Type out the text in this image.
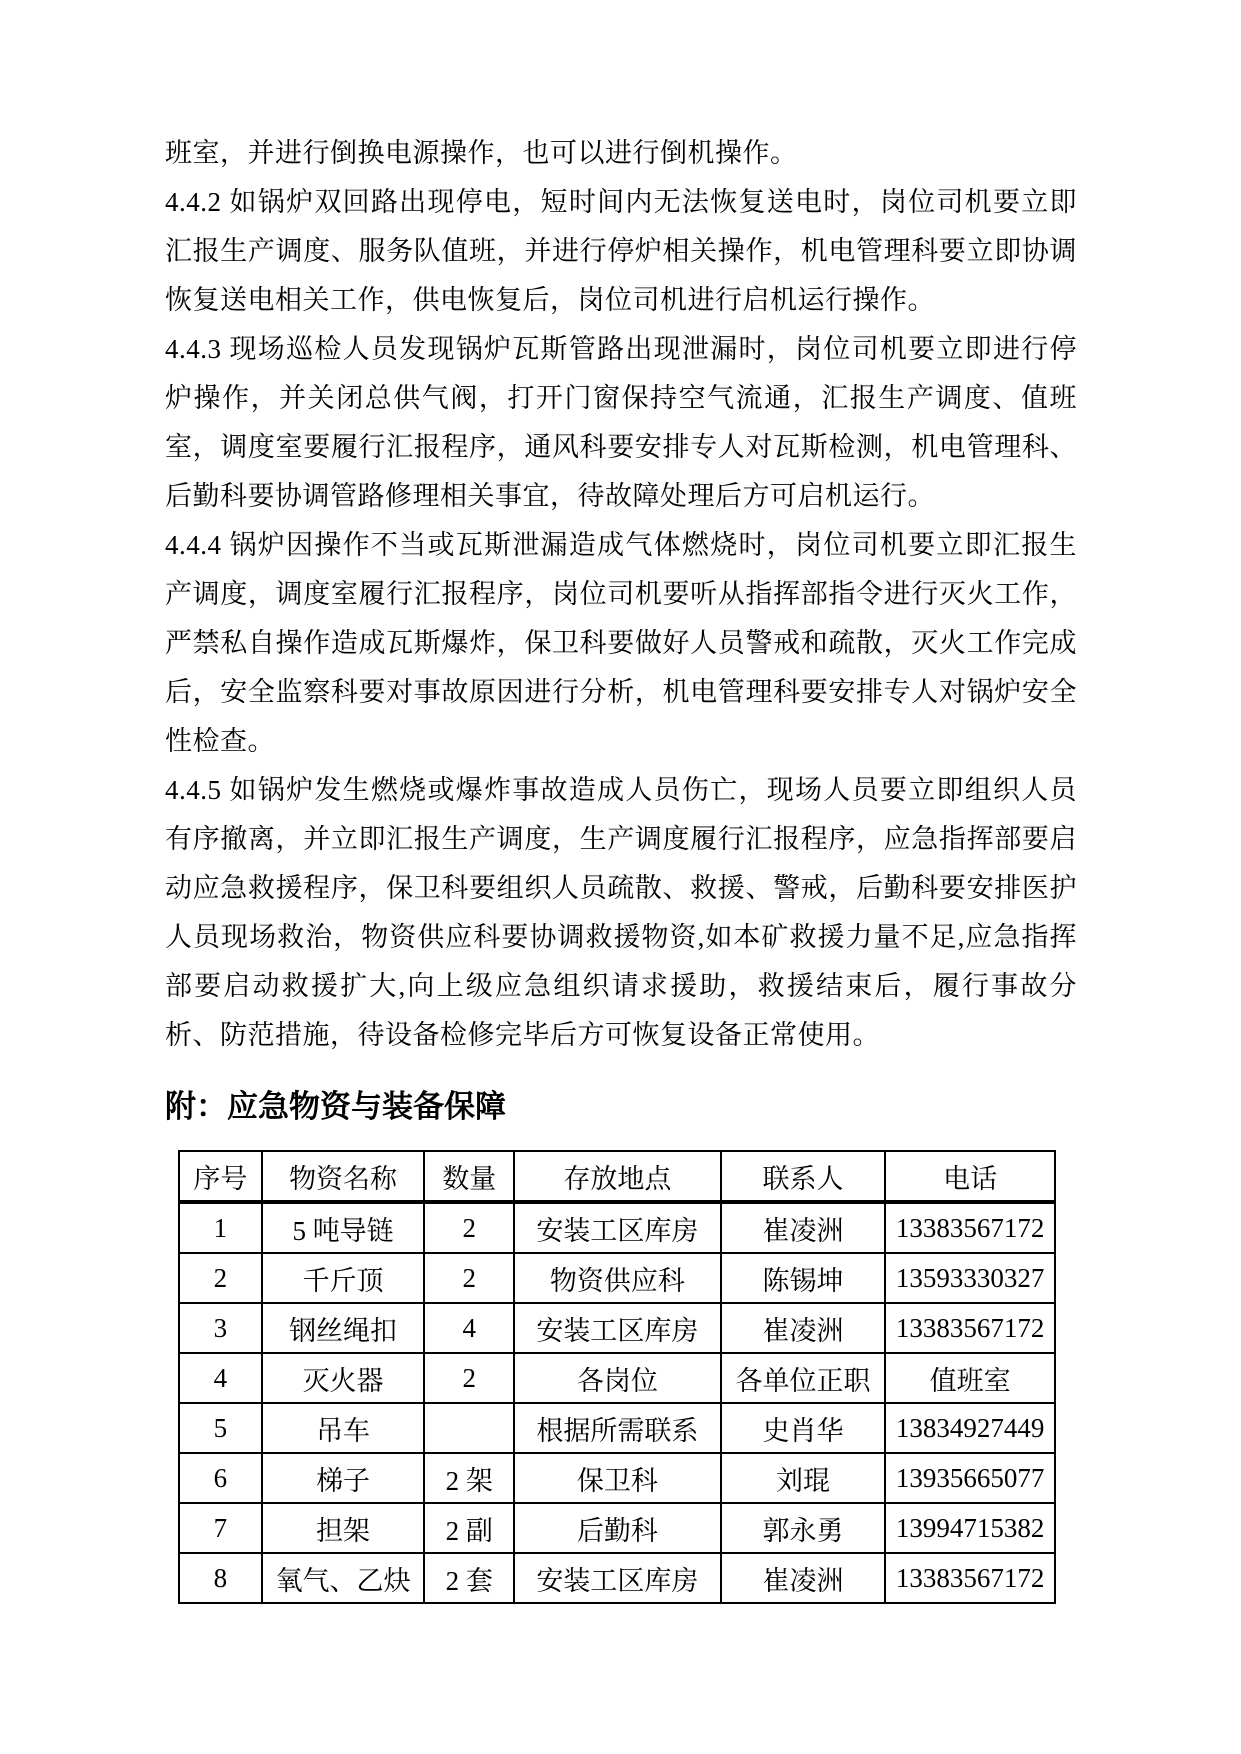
班室，并进行倒换电源操作，也可以进行倒机操作。

4.4.2 如锅炉双回路出现停电，短时间内无法恢复送电时，岗位司机要立即汇报生产调度、服务队值班，并进行停炉相关操作，机电管理科要立即协调恢复送电相关工作，供电恢复后，岗位司机进行启机运行操作。

4.4.3 现场巡检人员发现锅炉瓦斯管路出现泄漏时，岗位司机要立即进行停炉操作，并关闭总供气阀，打开门窗保持空气流通，汇报生产调度、值班室，调度室要履行汇报程序，通风科要安排专人对瓦斯检测，机电管理科、后勤科要协调管路修理相关事宜，待故障处理后方可启机运行。

4.4.4 锅炉因操作不当或瓦斯泄漏造成气体燃烧时，岗位司机要立即汇报生产调度，调度室履行汇报程序，岗位司机要听从指挥部指令进行灭火工作，严禁私自操作造成瓦斯爆炸，保卫科要做好人员警戒和疏散，灭火工作完成后，安全监察科要对事故原因进行分析，机电管理科要安排专人对锅炉安全性检查。

4.4.5 如锅炉发生燃烧或爆炸事故造成人员伤亡，现场人员要立即组织人员有序撤离，并立即汇报生产调度，生产调度履行汇报程序，应急指挥部要启动应急救援程序，保卫科要组织人员疏散、救援、警戒，后勤科要安排医护人员现场救治，物资供应科要协调救援物资,如本矿救援力量不足,应急指挥部要启动救援扩大,向上级应急组织请求援助，救援结束后，履行事故分析、防范措施，待设备检修完毕后方可恢复设备正常使用。

附：应急物资与装备保障
序号	物资名称	数量	存放地点	联系人	电话
1	5 吨导链	2	安装工区库房	崔凌洲	13383567172
2	千斤顶	2	物资供应科	陈锡坤	13593330327
3	钢丝绳扣	4	安装工区库房	崔凌洲	13383567172
4	灭火器	2	各岗位	各单位正职	值班室
5	吊车		根据所需联系	史肖华	13834927449
6	梯子	2 架	保卫科	刘琨	13935665077
7	担架	2 副	后勤科	郭永勇	13994715382
8	氧气、乙炔	2 套	安装工区库房	崔凌洲	13383567172
